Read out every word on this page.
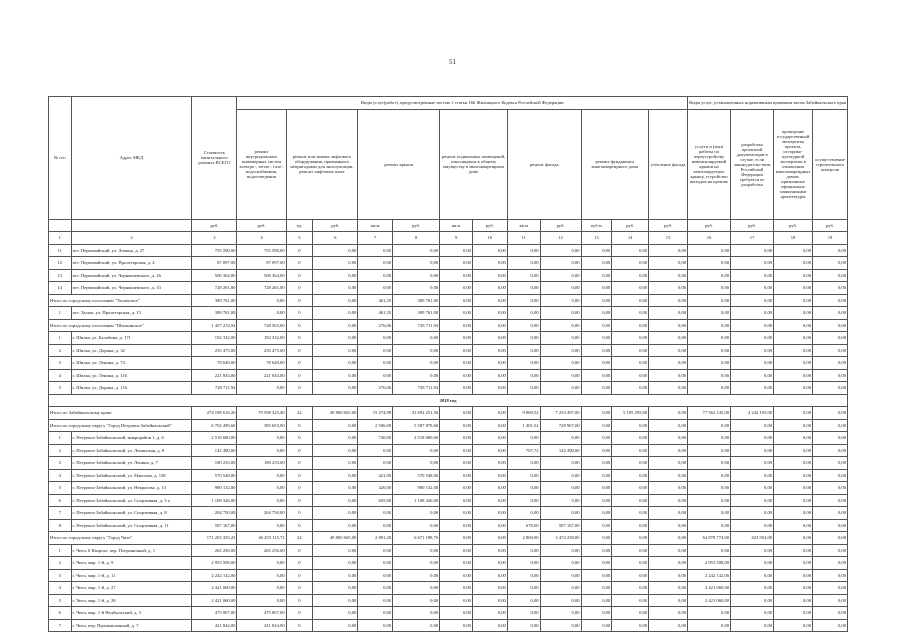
51
№ п/п	Адрес МКД	Стоимость капитального ремонта ВСЕГО	Виды услуг(работ), предусмотренные частью 1 статьи 166 Жилищного Кодекса Российской Федерации												Виды услуг, установленных нормативным правовым актом Забайкальского края			
			ремонт внутридомовых инженерных систем электро-, тепло-, газо-, водоснабжения, водоотведения	ремонт или замена лифтового оборудования, признанного непригодным для эксплуатации, ремонт лифтовых шахт		ремонт крыши		ремонт подвальных помещений, относящихся к общему имуществу в многоквартирном доме		ремонт фасада		ремонт фундамента многоквартирного дома		утепление фасада	услуги и (или) работы по переустройству невентилируемой крыши на вентилируемую крышу, устройство выходов на кровлю	разработка проектной документации в случае, если законодательством Российской Федерации требуется ее разработка	проведение государственной экспертизы проекта, историко-культурной экспертизы в отношении многоквартирных домов, признанных официально памятниками архитектуры	осуществление строительного контроля
		руб.	руб.	ед.	руб.	кв.м	руб.	кв.м	руб.	кв.м	руб.	куб.м	руб.	руб.	руб.	руб.	руб.	руб.
1	2	3	4	5	6	7	8	9	10	11	12	13	14	15	16	17	18	19
11	пгт. Первомайский, ул. Ленина, д. 27	755 590,00	755 590,00	0	0,00	0,00	0,00	0,00	0,00	0,00	0,00	0,00	0,00	0,00	0,00	0,00	0,00	0,00
12	пгт. Первомайский, ул. Пролетарская, д. 4	87 097,00	87 097,00	0	0,00	0,00	0,00	0,00	0,00	0,00	0,00	0,00	0,00	0,00	0,00	0,00	0,00	0,00
13	пгт. Первомайский, ул. Чернышевского, д. 26	506 364,00	506 364,00	0	0,00	0,00	0,00	0,00	0,00	0,00	0,00	0,00	0,00	0,00	0,00	0,00	0,00	0,00
14	пгт. Первомайский, ул. Чернышевского, д. 33	728 261,00	728 261,00	0	0,00	0,00	0,00	0,00	0,00	0,00	0,00	0,00	0,00	0,00	0,00	0,00	0,00	0,00
Итого по городскому поселению "Хилокское"		389 761,00	0,00	0	0,00	461,35	389 761,00	0,00	0,00	0,00	0,00	0,00	0,00	0,00	0,00	0,00	0,00	0,00
1	пгт. Хилок, ул. Пролетарская, д. 15	389 761,00	0,00	0	0,00	461,35	389 761,00	0,00	0,00	0,00	0,00	0,00	0,00	0,00	0,00	0,00	0,00	0,00
Итого по городскому поселению "Шилкинское"		1 457 274,94	728 563,00	0	0,00	276,06	728 711,94	0,00	0,00	0,00	0,00	0,00	0,00	0,00	0,00	0,00	0,00	0,00
1	г. Шилка, ул. Балабина, д. 171	192 332,00	192 332,00	0	0,00	0,00	0,00	0,00	0,00	0,00	0,00	0,00	0,00	0,00	0,00	0,00	0,00	0,00
2	г. Шилка, ул. Дорина, д. 32	235 475,00	235 475,00	0	0,00	0,00	0,00	0,00	0,00	0,00	0,00	0,00	0,00	0,00	0,00	0,00	0,00	0,00
3	г. Шилка, ул. Ленина, д. 74	78 649,00	78 649,00	0	0,00	0,00	0,00	0,00	0,00	0,00	0,00	0,00	0,00	0,00	0,00	0,00	0,00	0,00
4	г. Шилка, ул. Ленина, д. 116	221 843,00	221 843,00	0	0,00	0,00	0,00	0,00	0,00	0,00	0,00	0,00	0,00	0,00	0,00	0,00	0,00	0,00
5	г. Шилка, ул. Дорина, д. 116	728 711,94	0,00	0	0,00	276,06	728 711,94	0,00	0,00	0,00	0,00	0,00	0,00	0,00	0,00	0,00	0,00	0,00
2018 год																		
Итого по Забайкальскому краю:		274 198 616,26	79 598 325,40	22	49 800 665,00	15 274,98	41 692 251,56	0,00	0,00	9 869,52	7 233 497,00	0,00	5 185 295,00	0,00	77 562 145,00	4 242 193,00	0,00	0,00
Итого по городскому округу "Город Петровск-Забайкальский"		6 702 499,60	385 653,00	0	0,00	2 506,09	5 587 878,60	0,00	0,00	1 401,52	728 967,00	0,00	0,00	0,00	0,00	0,00	0,00	0,00
1	г. Петровск-Забайкальский, микрорайон 1, д. 6	2 518 680,00	0,00	0	0,00	740,00	2 518 680,00	0,00	0,00	0,00	0,00	0,00	0,00	0,00	0,00	0,00	0,00	0,00
2	г. Петровск-Забайкальский, ул. Ленинская, д. 8	142 490,00	0,00	0	0,00	0,00	0,00	0,00	0,00	707,72	142 490,00	0,00	0,00	0,00	0,00	0,00	0,00	0,00
3	г. Петровск-Забайкальский, ул. Ленина, д. 7	180 233,00	180 233,00	0	0,00	0,00	0,00	0,00	0,00	0,00	0,00	0,00	0,00	0,00	0,00	0,00	0,00	0,00
4	г. Петровск-Забайкальский, ул. Максима, д. 138	570 548,00	0,00	0	0,00	421,00	570 548,00	0,00	0,00	0,00	0,00	0,00	0,00	0,00	0,00	0,00	0,00	0,00
5	г. Петровск-Забайкальский, ул. Некрасова, д. 13	980 132,00	0,00	0	0,00	426,00	980 132,00	0,00	0,00	0,00	0,00	0,00	0,00	0,00	0,00	0,00	0,00	0,00
6	г. Петровск-Забайкальский, ул. Спортивная, д. 5 а	1 108 326,00	0,00	0	0,00	605,00	1 108 326,00	0,00	0,00	0,00	0,00	0,00	0,00	0,00	0,00	0,00	0,00	0,00
7	г. Петровск-Забайкальский, ул. Спортивная, д. 8	204 750,00	204 750,00	0	0,00	0,00	0,00	0,00	0,00	0,00	0,00	0,00	0,00	0,00	0,00	0,00	0,00	0,00
8	г. Петровск-Забайкальский, ул. Спортивная, д. 11	587 167,00	0,00	0	0,00	0,00	0,00	0,00	0,00	678,00	587 167,00	0,00	0,00	0,00	0,00	0,00	0,00	0,00
Итого по городскому округу "Город Чита"		171 203 355,23	46 255 115,72	22	49 800 665,00	2 891,28	6 671 188,76	0,00	0,00	2 869,00	3 474 258,00	0,00	0,00	0,00	64 878 774,00	423 954,00	0,00	0,00
1	г. Чита, 6 Квартал, пер. Пограничный, д. 1	265 256,00	265 256,00	0	0,00	0,00	0,00	0,00	0,00	0,00	0,00	0,00	0,00	0,00	0,00	0,00	0,00	0,00
2	г. Чита, мкр. 1-й, д. 9	2 953 508,00	0,00	0	0,00	0,00	0,00	0,00	0,00	0,00	0,00	0,00	0,00	0,00	2 953 508,00	0,00	0,00	0,00
3	г. Чита, мкр. 1-й, д. 11	2 242 142,00	0,00	0	0,00	0,00	0,00	0,00	0,00	0,00	0,00	0,00	0,00	0,00	2 242 142,00	0,00	0,00	0,00
4	г. Чита, мкр. 1-й, д. 27	2 421 060,00	0,00	0	0,00	0,00	0,00	0,00	0,00	0,00	0,00	0,00	0,00	0,00	2 421 060,00	0,00	0,00	0,00
5	г. Чита, мкр. 1-й, д. 28	2 421 060,00	0,00	0	0,00	0,00	0,00	0,00	0,00	0,00	0,00	0,00	0,00	0,00	2 421 060,00	0,00	0,00	0,00
6	г. Чита, мкр. 1-й Недбыльский, д. 3	475 807,00	475 807,00	0	0,00	0,00	0,00	0,00	0,00	0,00	0,00	0,00	0,00	0,00	0,00	0,00	0,00	0,00
7	г. Чита, пер. Промышленный, д. 7	421 844,00	421 844,00	0	0,00	0,00	0,00	0,00	0,00	0,00	0,00	0,00	0,00	0,00	0,00	0,00	0,00	0,00
